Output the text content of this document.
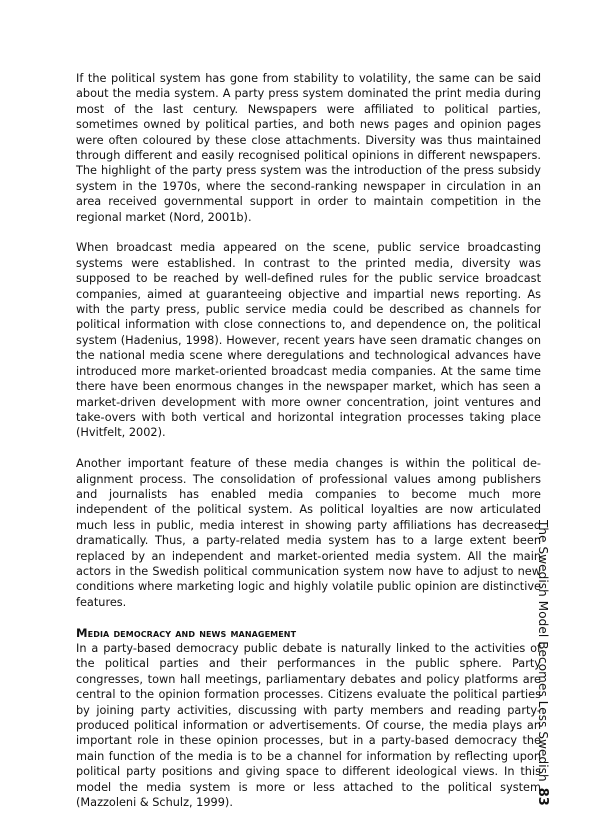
If the political system has gone from stability to volatility, the same can be said about the media system. A party press system dominated the print media during most of the last century. Newspapers were affiliated to political parties, sometimes owned by political parties, and both news pages and opinion pages were often coloured by these close attachments. Diversity was thus maintained through different and easily recognised political opinions in different newspapers. The highlight of the party press system was the introduction of the press subsidy system in the 1970s, where the second-ranking newspaper in circulation in an area received governmental support in order to maintain competition in the regional market (Nord, 2001b).

When broadcast media appeared on the scene, public service broadcasting systems were established. In contrast to the printed media, diversity was supposed to be reached by well-defined rules for the public service broadcast companies, aimed at guaranteeing objective and impartial news reporting. As with the party press, public service media could be described as channels for political information with close connections to, and dependence on, the political system (Hadenius, 1998). However, recent years have seen dramatic changes on the national media scene where deregulations and technological advances have introduced more market-oriented broadcast media companies. At the same time there have been enormous changes in the newspaper market, which has seen a market-driven development with more owner concentration, joint ventures and take-overs with both vertical and horizontal integration processes taking place (Hvitfelt, 2002).

Another important feature of these media changes is within the political de-alignment process. The consolidation of professional values among publishers and journalists has enabled media companies to become much more independent of the political system. As political loyalties are now articulated much less in public, media interest in showing party affiliations has decreased dramatically. Thus, a party-related media system has to a large extent been replaced by an independent and market-oriented media system. All the main actors in the Swedish political communication system now have to adjust to new conditions where marketing logic and highly volatile public opinion are distinctive features.

Media democracy and news management

In a party-based democracy public debate is naturally linked to the activities of the political parties and their performances in the public sphere. Party congresses, town hall meetings, parliamentary debates and policy platforms are central to the opinion formation processes. Citizens evaluate the political parties by joining party activities, discussing with party members and reading party-produced political information or advertisements. Of course, the media plays an important role in these opinion processes, but in a party-based democracy the main function of the media is to be a channel for information by reflecting upon political party positions and giving space to different ideological views. In this model the media system is more or less attached to the political system (Mazzoleni & Schulz, 1999).

The Swedish Model Becomes Less Swedish83
